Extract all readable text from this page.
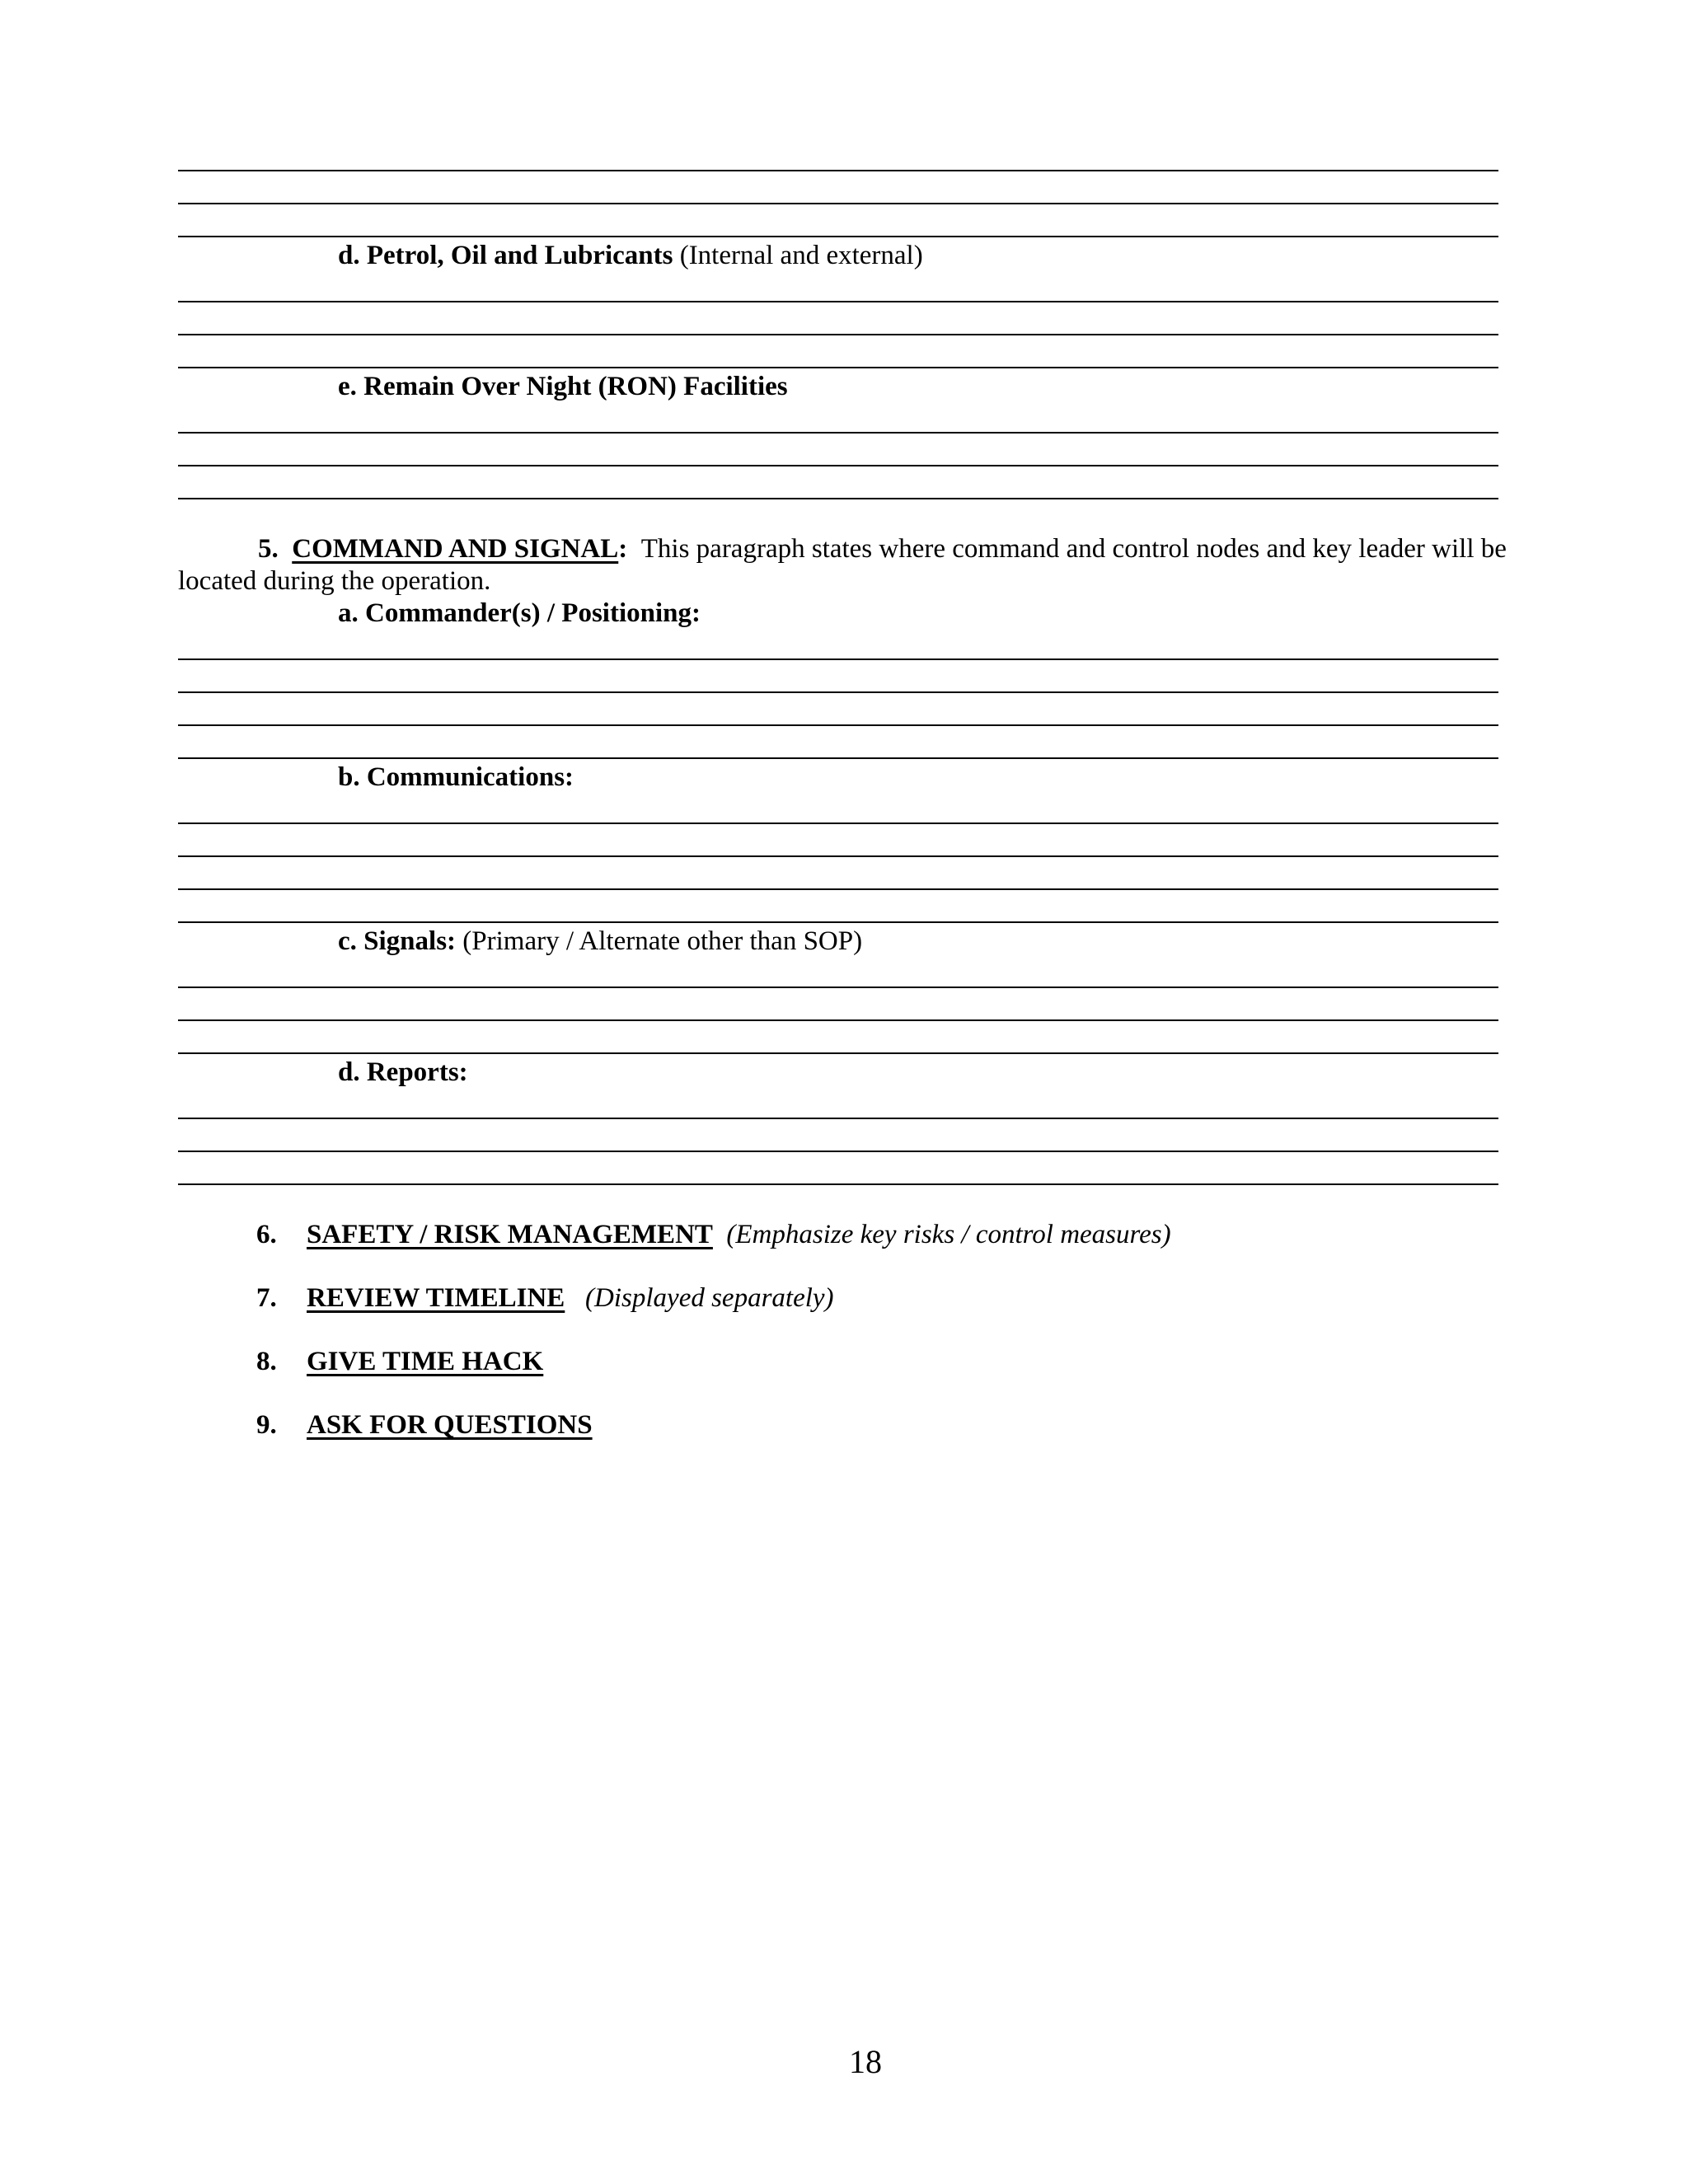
d. Petrol, Oil and Lubricants (Internal and external)
e. Remain Over Night (RON) Facilities
5. COMMAND AND SIGNAL: This paragraph states where command and control nodes and key leader will be
located during the operation.
a. Commander(s) / Positioning:
b. Communications:
c. Signals: (Primary / Alternate other than SOP)
d. Reports:
6. SAFETY / RISK MANAGEMENT (Emphasize key risks / control measures)
7. REVIEW TIMELINE (Displayed separately)
8. GIVE TIME HACK
9. ASK FOR QUESTIONS
18
